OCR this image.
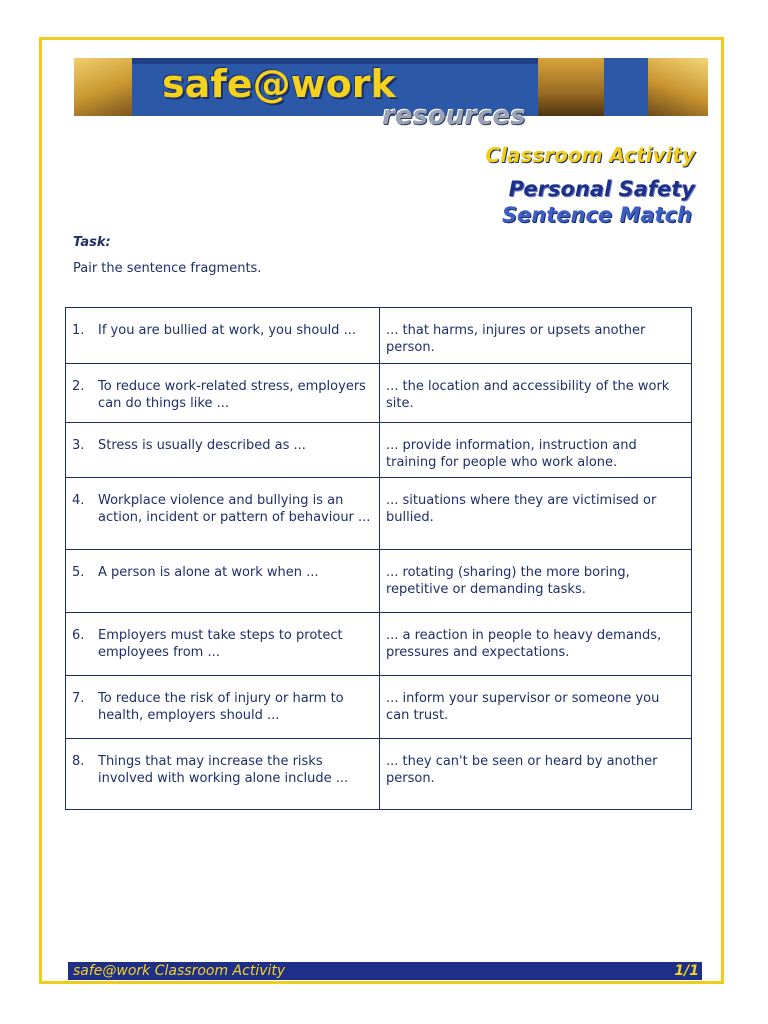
safe@work
resources
Classroom Activity
Personal Safety
Sentence Match
Task:
Pair the sentence fragments.
1. If you are bullied at work, you should ...	... that harms, injures or upsets another person.

2. To reduce work-related stress, employers can do things like ...	... the location and accessibility of the work site.

3. Stress is usually described as ...	... provide information, instruction and training for people who work alone.

4. Workplace violence and bullying is an action, incident or pattern of behaviour ...	... situations where they are victimised or bullied.

5. A person is alone at work when ...	... rotating (sharing) the more boring, repetitive or demanding tasks.

6. Employers must take steps to protect employees from ...	... a reaction in people to heavy demands, pressures and expectations.

7. To reduce the risk of injury or harm to health, employers should ...	... inform your supervisor or someone you can trust.

8. Things that may increase the risks involved with working alone include ...	... they can't be seen or heard by another person.
safe@work Classroom Activity	1/1
